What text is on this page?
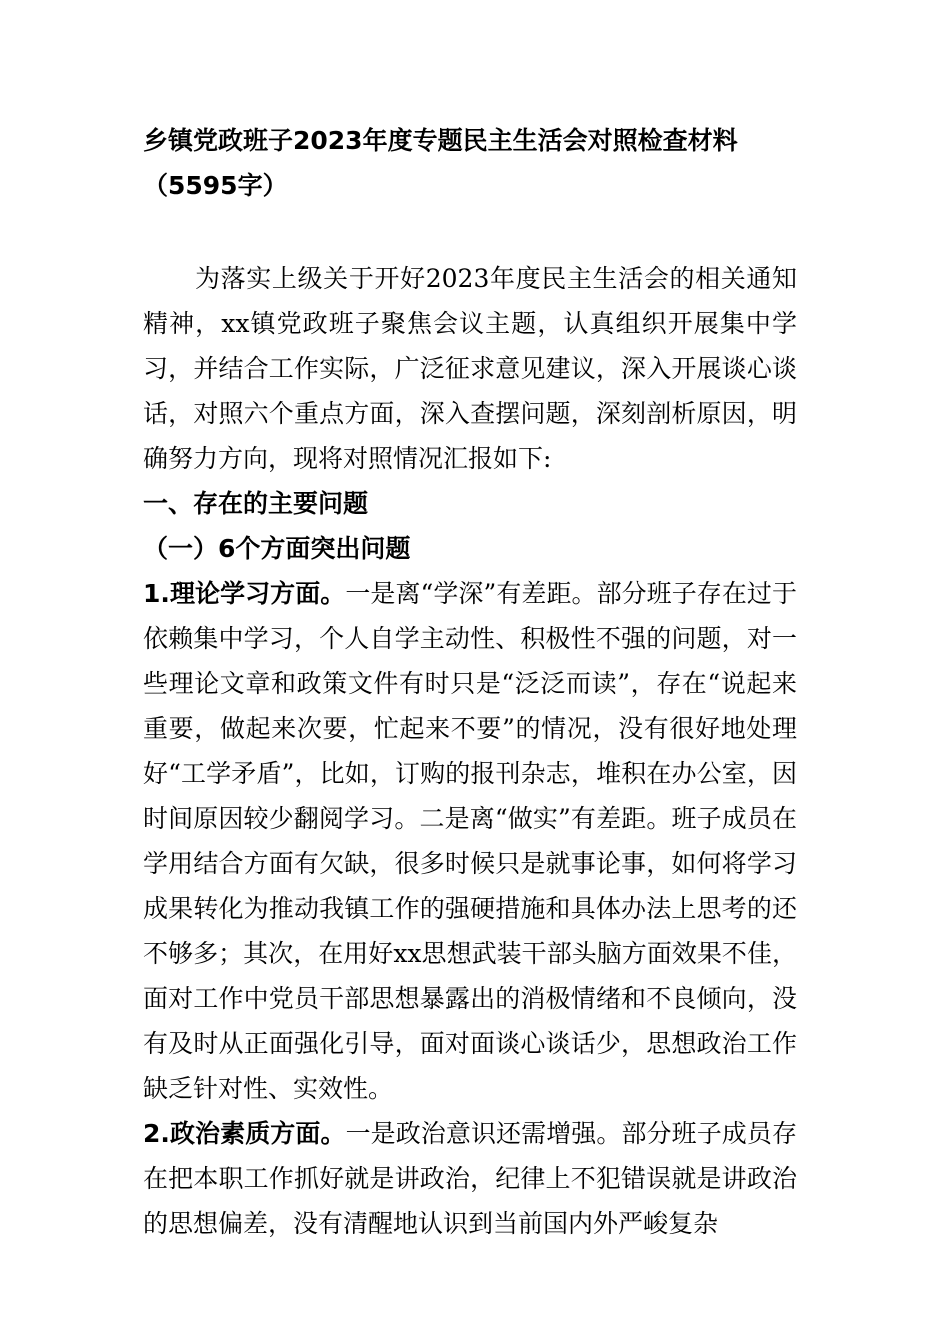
乡镇党政班子2023年度专题民主生活会对照检查材料
（5595字）

为落实上级关于开好2023年度民主生活会的相关通知精神，xx镇党政班子聚焦会议主题，认真组织开展集中学习，并结合工作实际，广泛征求意见建议，深入开展谈心谈话，对照六个重点方面，深入查摆问题，深刻剖析原因，明确努力方向，现将对照情况汇报如下:

一、存在的主要问题
（一）6个方面突出问题

1.理论学习方面。一是离“学深”有差距。部分班子存在过于依赖集中学习，个人自学主动性、积极性不强的问题，对一些理论文章和政策文件有时只是“泛泛而读”，存在“说起来重要，做起来次要，忙起来不要”的情况，没有很好地处理好“工学矛盾”，比如，订购的报刊杂志，堆积在办公室，因时间原因较少翻阅学习。二是离“做实”有差距。班子成员在学用结合方面有欠缺，很多时候只是就事论事，如何将学习成果转化为推动我镇工作的强硬措施和具体办法上思考的还不够多；其次，在用好xx思想武装干部头脑方面效果不佳，面对工作中党员干部思想暴露出的消极情绪和不良倾向，没有及时从正面强化引导，面对面谈心谈话少，思想政治工作缺乏针对性、实效性。

2.政治素质方面。一是政治意识还需增强。部分班子成员存在把本职工作抓好就是讲政治，纪律上不犯错误就是讲政治的思想偏差，没有清醒地认识到当前国内外严峻复杂
